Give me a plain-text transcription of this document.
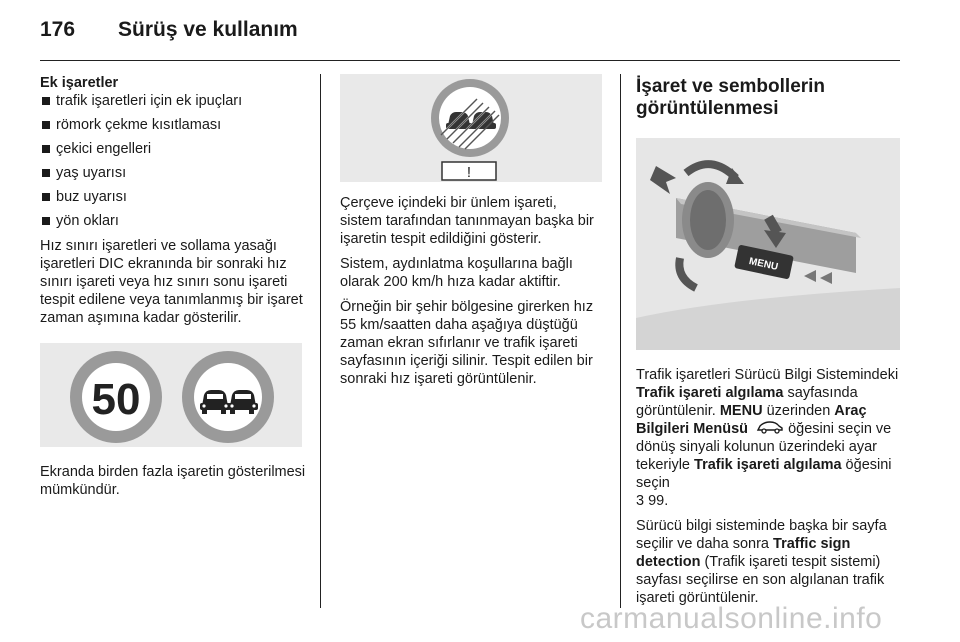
176 Sürüş ve kullanım
Ek işaretler
trafik işaretleri için ek ipuçları
römork çekme kısıtlaması
çekici engelleri
yaş uyarısı
buz uyarısı
yön okları

Hız sınırı işaretleri ve sollama yasağı işaretleri DIC ekranında bir sonraki hız sınırı işareti veya hız sınırı sonu işareti tespit edilene veya tanımlanmış bir işaret zaman aşımına kadar gösterilir.

50

Ekranda birden fazla işaretin gösterilmesi mümkündür.

!

Çerçeve içindeki bir ünlem işareti, sistem tarafından tanınmayan başka bir işaretin tespit edildiğini gösterir.

Sistem, aydınlatma koşullarına bağlı olarak 200 km/h hıza kadar aktiftir.

Örneğin bir şehir bölgesine girerken hız 55 km/saatten daha aşağıya düştüğü zaman ekran sıfırlanır ve trafik işareti sayfasının içeriği silinir. Tespit edilen bir sonraki hız işareti görüntülenir.

İşaret ve sembollerin görüntülenmesi
MENU

Trafik işaretleri Sürücü Bilgi Sistemindeki Trafik işareti algılama sayfasında görüntülenir. MENU üzerinden Araç Bilgileri Menüsü	öğesini seçin ve dönüş sinyali kolunun üzerindeki ayar tekeriyle Trafik işareti algılama öğesini seçin
3 99.

Sürücü bilgi sisteminde başka bir sayfa seçilir ve daha sonra Traffic sign detection (Trafik işareti tespit sistemi) sayfası seçilirse en son algılanan trafik işareti görüntülenir.

carmanualsonline.info
